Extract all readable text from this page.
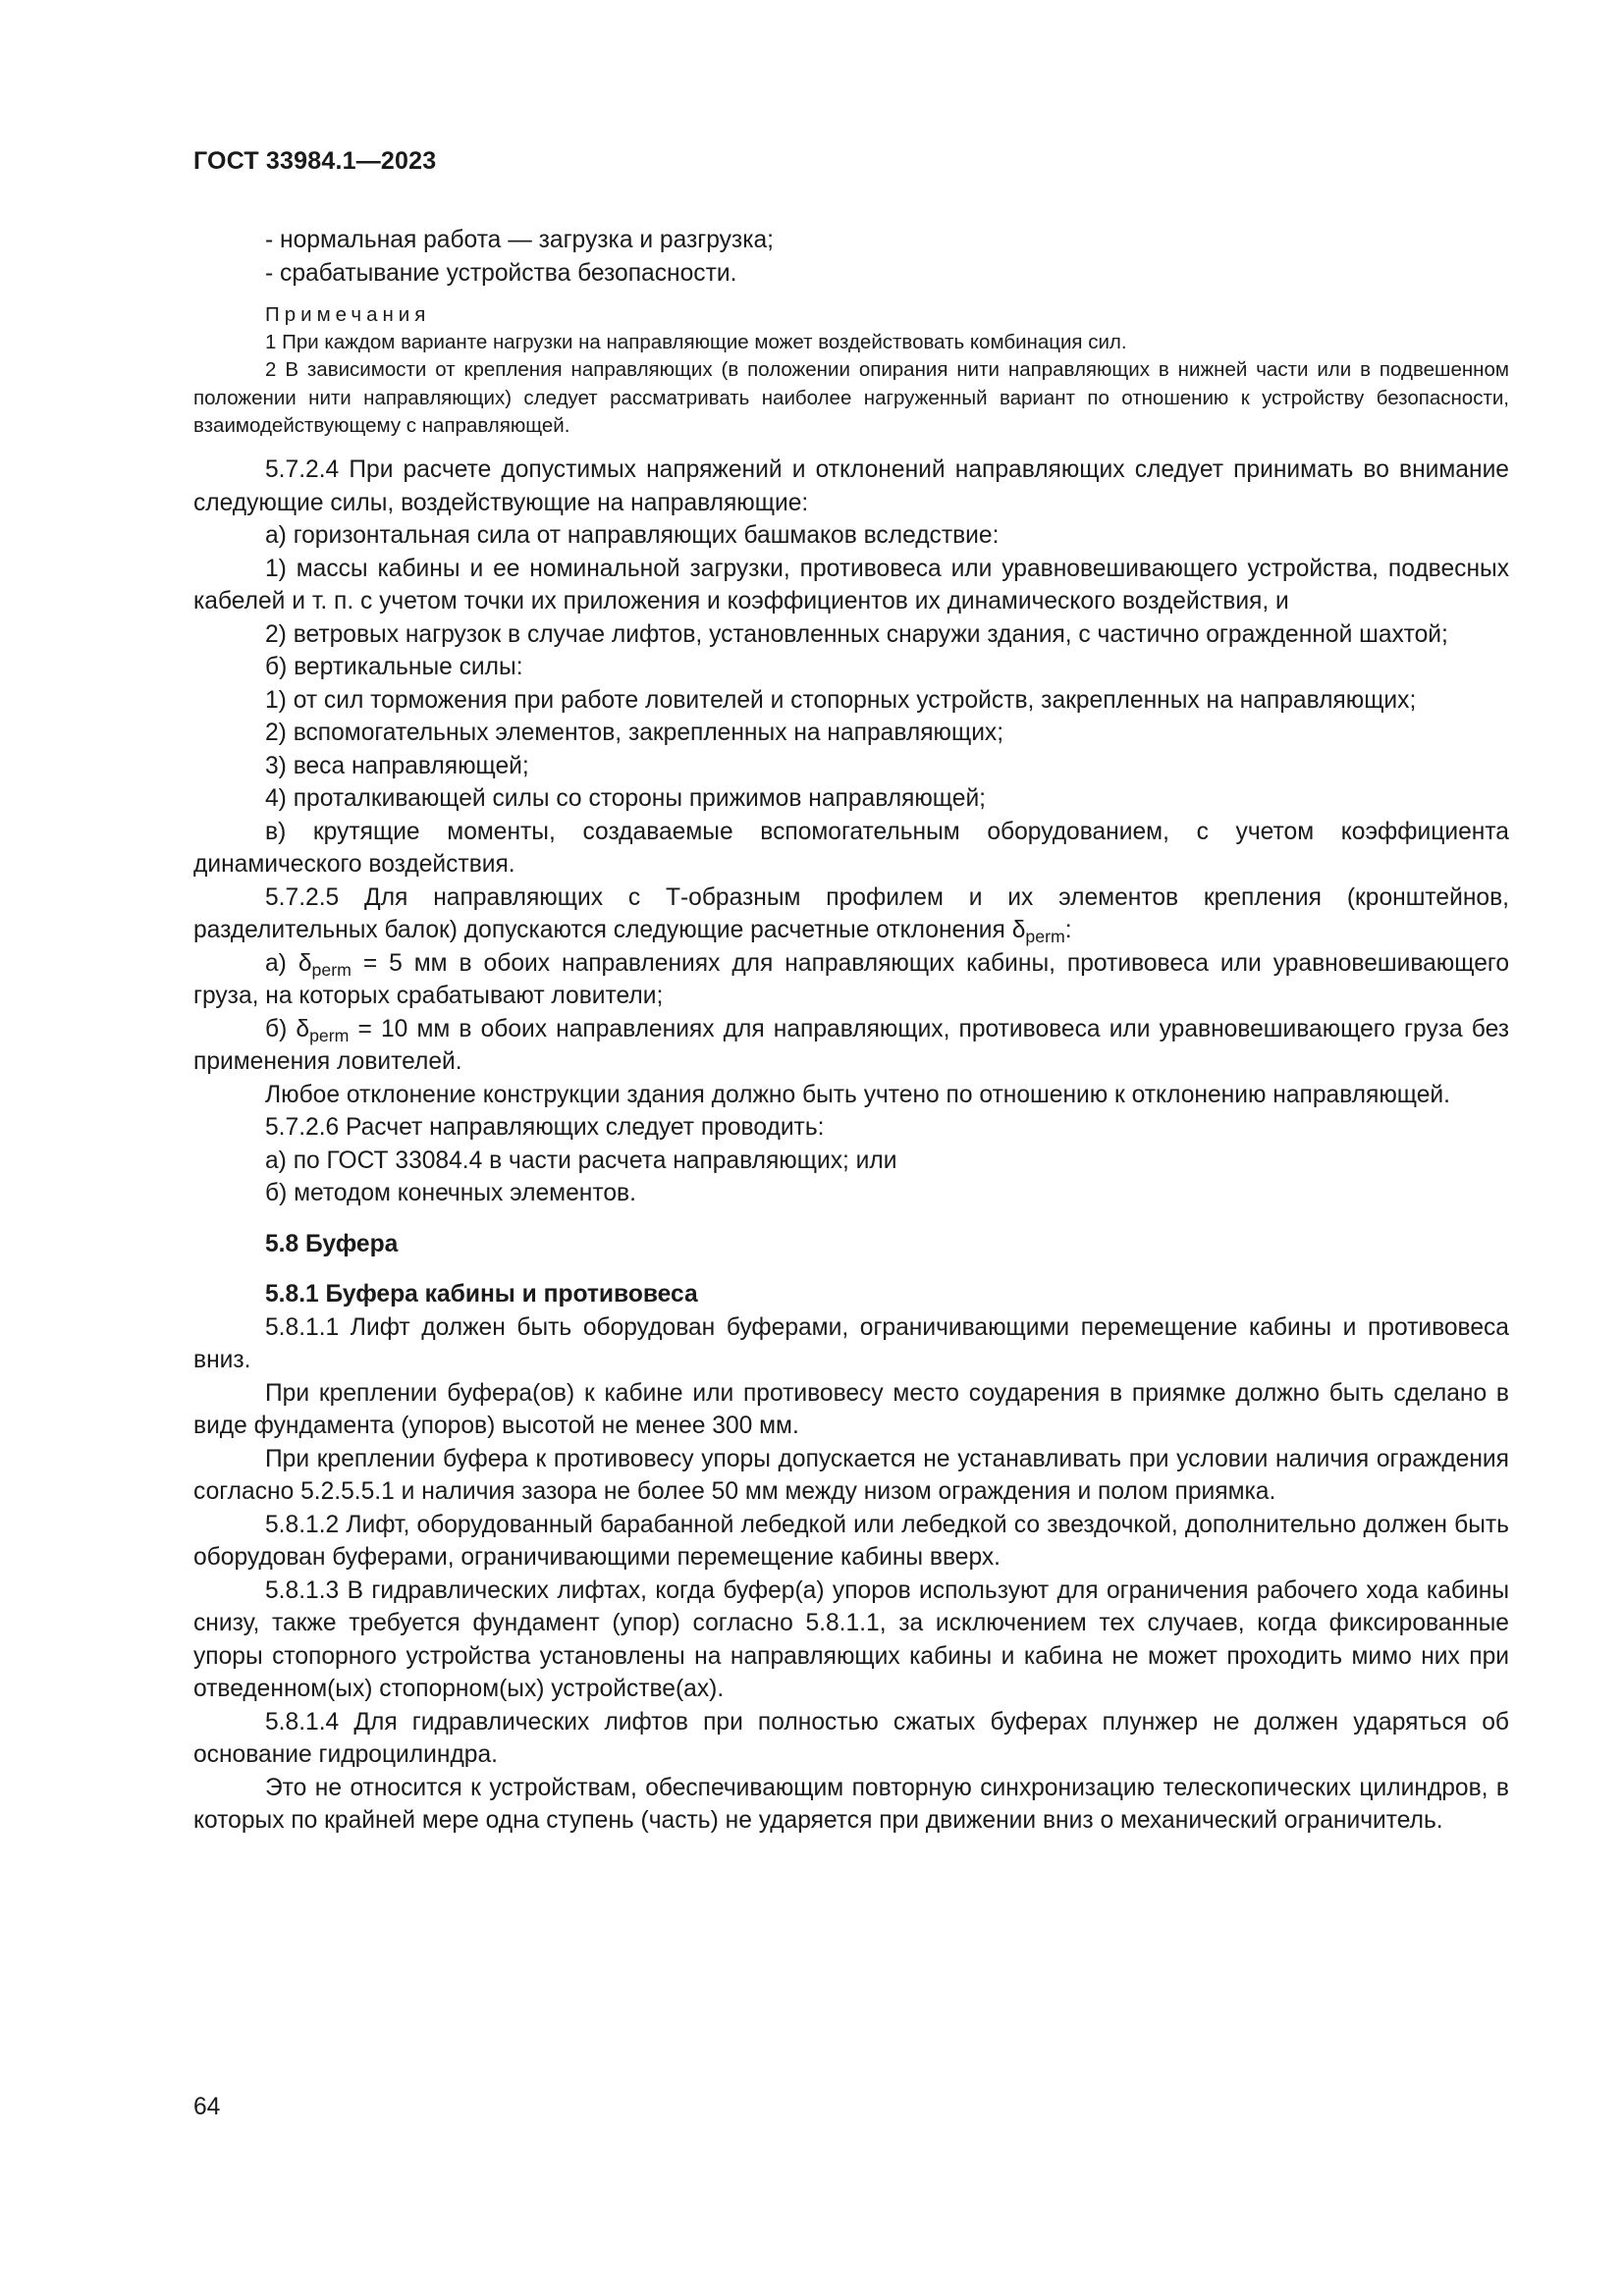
ГОСТ 33984.1—2023

- нормальная работа — загрузка и разгрузка;

- срабатывание устройства безопасности.

Примечания

1 При каждом варианте нагрузки на направляющие может воздействовать комбинация сил.

2 В зависимости от крепления направляющих (в положении опирания нити направляющих в нижней части или в подвешенном положении нити направляющих) следует рассматривать наиболее нагруженный вариант по отношению к устройству безопасности, взаимодействующему с направляющей.

5.7.2.4 При расчете допустимых напряжений и отклонений направляющих следует принимать во внимание следующие силы, воздействующие на направляющие:

а) горизонтальная сила от направляющих башмаков вследствие:

1) массы кабины и ее номинальной загрузки, противовеса или уравновешивающего устройства, подвесных кабелей и т. п. с учетом точки их приложения и коэффициентов их динамического воздействия, и

2) ветровых нагрузок в случае лифтов, установленных снаружи здания, с частично огражденной шахтой;

б) вертикальные силы:

1) от сил торможения при работе ловителей и стопорных устройств, закрепленных на направляющих;

2) вспомогательных элементов, закрепленных на направляющих;

3) веса направляющей;

4) проталкивающей силы со стороны прижимов направляющей;

в) крутящие моменты, создаваемые вспомогательным оборудованием, с учетом коэффициента динамического воздействия.

5.7.2.5 Для направляющих с Т-образным профилем и их элементов крепления (кронштейнов, разделительных балок) допускаются следующие расчетные отклонения $\delta_{perm}$:

а) $\delta_{perm} = 5$ мм в обоих направлениях для направляющих кабины, противовеса или уравновешивающего груза, на которых срабатывают ловители;

б) $\delta_{perm} = 10$ мм в обоих направлениях для направляющих, противовеса или уравновешивающего груза без применения ловителей.

Любое отклонение конструкции здания должно быть учтено по отношению к отклонению направляющей.

5.7.2.6 Расчет направляющих следует проводить:

а) по ГОСТ 33084.4 в части расчета направляющих; или

б) методом конечных элементов.

5.8 Буфера
5.8.1 Буфера кабины и противовеса

5.8.1.1 Лифт должен быть оборудован буферами, ограничивающими перемещение кабины и противовеса вниз.

При креплении буфера(ов) к кабине или противовесу место соударения в приямке должно быть сделано в виде фундамента (упоров) высотой не менее 300 мм.

При креплении буфера к противовесу упоры допускается не устанавливать при условии наличия ограждения согласно 5.2.5.5.1 и наличия зазора не более 50 мм между низом ограждения и полом приямка.

5.8.1.2 Лифт, оборудованный барабанной лебедкой или лебедкой со звездочкой, дополнительно должен быть оборудован буферами, ограничивающими перемещение кабины вверх.

5.8.1.3 В гидравлических лифтах, когда буфер(а) упоров используют для ограничения рабочего хода кабины снизу, также требуется фундамент (упор) согласно 5.8.1.1, за исключением тех случаев, когда фиксированные упоры стопорного устройства установлены на направляющих кабины и кабина не может проходить мимо них при отведенном(ых) стопорном(ых) устройстве(ах).

5.8.1.4 Для гидравлических лифтов при полностью сжатых буферах плунжер не должен ударяться об основание гидроцилиндра.

Это не относится к устройствам, обеспечивающим повторную синхронизацию телескопических цилиндров, в которых по крайней мере одна ступень (часть) не ударяется при движении вниз о механический ограничитель.

64
